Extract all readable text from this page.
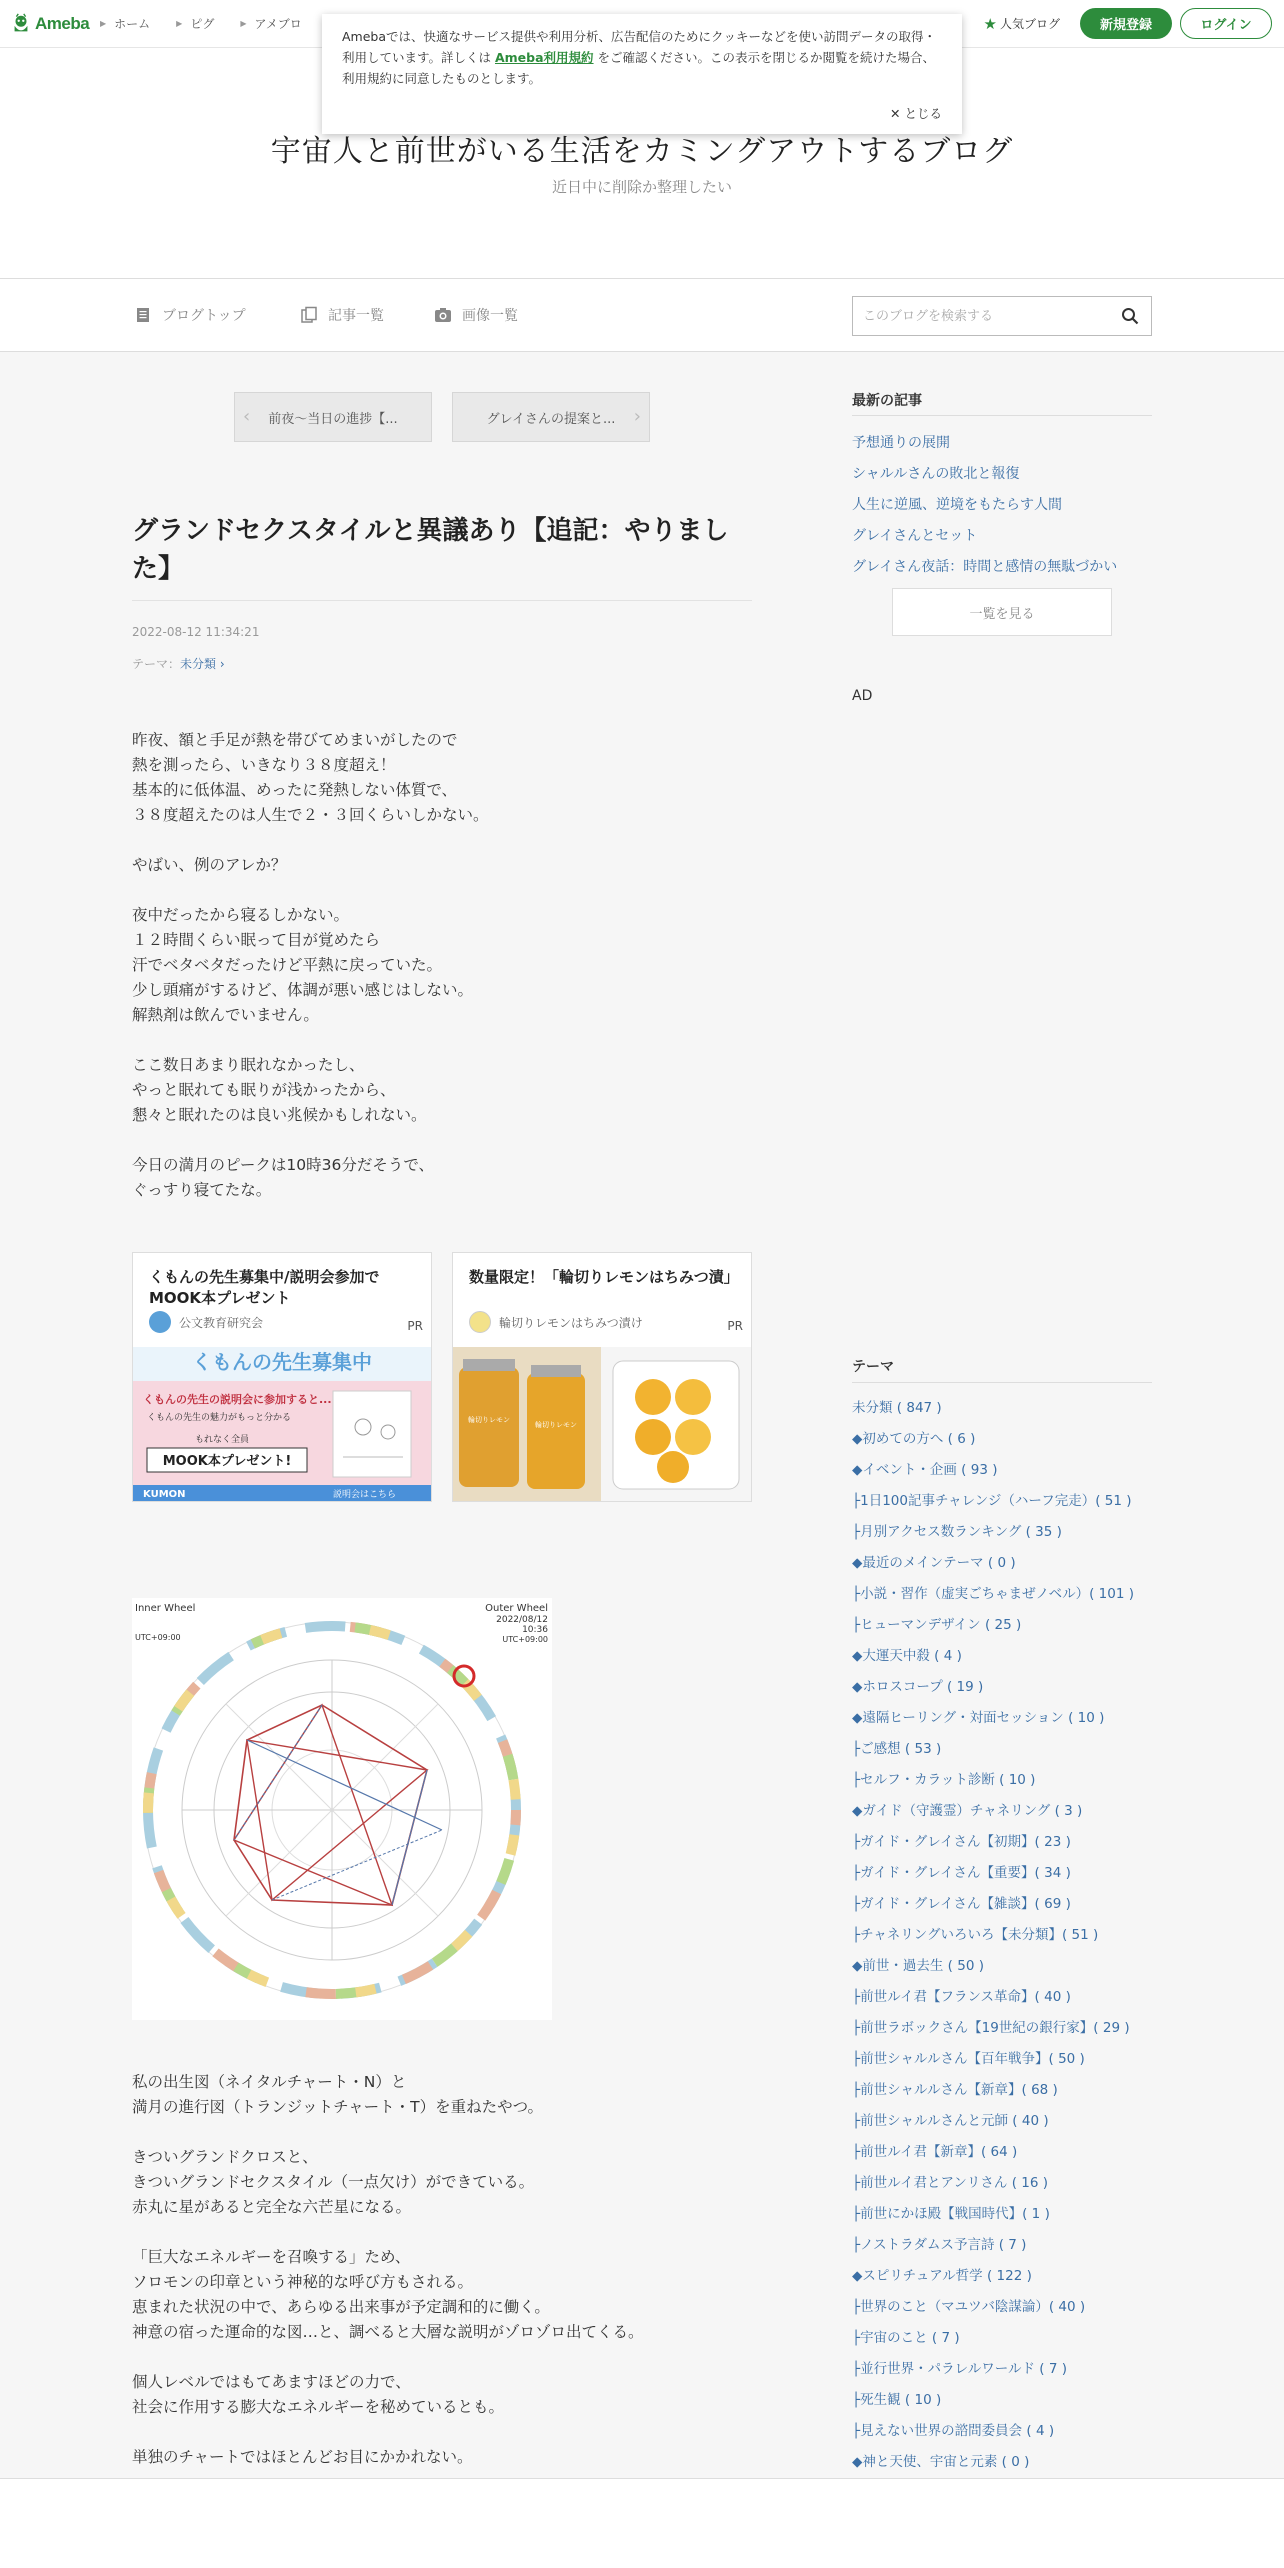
Ameba ▶ ホーム	▶ ピグ	▶ アメブロ	★ 人気ブログ	新規登録	ログイン

Amebaでは、快適なサービス提供や利用分析、広告配信のためにクッキーなどを使い訪問データの取得・利用しています。詳しくは Ameba利用規約 をご確認ください。この表示を閉じるか閲覧を続けた場合、利用規約に同意したものとします。

✕ とじる
宇宙人と前世がいる生活をカミングアウトするブログ
近日中に削除か整理したい
ブログトップ	記事一覧	画像一覧
このブログを検索する
‹ 前夜〜当日の進捗【...	グレイさんの提案と... ›
グランドセクスタイルと異議あり【追記：やりました】
2022-08-12 11:34:21
テーマ：未分類 ›
昨夜、額と手足が熱を帯びてめまいがしたので
熱を測ったら、いきなり３８度超え！
基本的に低体温、めったに発熱しない体質で、
３８度超えたのは人生で２・３回くらいしかない。

やばい、例のアレか？

夜中だったから寝るしかない。
１２時間くらい眠って目が覚めたら
汗でベタベタだったけど平熱に戻っていた。
少し頭痛がするけど、体調が悪い感じはしない。
解熱剤は飲んでいません。

ここ数日あまり眠れなかったし、
やっと眠れても眠りが浅かったから、
懇々と眠れたのは良い兆候かもしれない。

今日の満月のピークは10時36分だそうで、
ぐっすり寝てたな。
くもんの先生募集中/説明会参加でMOOK本プレゼント
公文教育研究会	PR
くもんの先生募集中
くもんの先生の説明会に参加すると...
くもんの先生の魅力がもっと分かる
もれなく全員
MOOK本プレゼント!
KUMON	説明会はこちら
数量限定！「輪切りレモンはちみつ漬」
輪切りレモンはちみつ漬け	PR
輪切りレモン
輪切りレモン
Inner Wheel
UTC+09:00
Outer Wheel
2022/08/12
10:36
UTC+09:00
私の出生図（ネイタルチャート・N）と
満月の進行図（トランジットチャート・T）を重ねたやつ。

きついグランドクロスと、
きついグランドセクスタイル（一点欠け）ができている。
赤丸に星があると完全な六芒星になる。

「巨大なエネルギーを召喚する」ため、
ソロモンの印章という神秘的な呼び方もされる。
恵まれた状況の中で、あらゆる出来事が予定調和的に働く。
神意の宿った運命的な図…と、調べると大層な説明がゾロゾロ出てくる。

個人レベルではもてあますほどの力で、
社会に作用する膨大なエネルギーを秘めているとも。

単独のチャートではほとんどお目にかかれない。
最新の記事
予想通りの展開
シャルルさんの敗北と報復
人生に逆風、逆境をもたらす人間
グレイさんとセット
グレイさん夜話：時間と感情の無駄づかい
一覧を見る
AD
テーマ
未分類 ( 847 )
◆初めての方へ ( 6 )
◆イベント・企画 ( 93 )
├1日100記事チャレンジ（ハーフ完走）( 51 )
├月別アクセス数ランキング ( 35 )
◆最近のメインテーマ ( 0 )
├小説・習作（虚実ごちゃまぜノベル）( 101 )
├ヒューマンデザイン ( 25 )
◆大運天中殺 ( 4 )
◆ホロスコープ ( 19 )
◆遠隔ヒーリング・対面セッション ( 10 )
├ご感想 ( 53 )
├セルフ・カラット診断 ( 10 )
◆ガイド（守護霊）チャネリング ( 3 )
├ガイド・グレイさん【初期】( 23 )
├ガイド・グレイさん【重要】( 34 )
├ガイド・グレイさん【雑談】( 69 )
├チャネリングいろいろ【未分類】( 51 )
◆前世・過去生 ( 50 )
├前世ルイ君【フランス革命】( 40 )
├前世ラボックさん【19世紀の銀行家】( 29 )
├前世シャルルさん【百年戦争】( 50 )
├前世シャルルさん【新章】( 68 )
├前世シャルルさんと元師 ( 40 )
├前世ルイ君【新章】( 64 )
├前世ルイ君とアンリさん ( 16 )
├前世にかほ殿【戦国時代】( 1 )
├ノストラダムス予言詩 ( 7 )
◆スピリチュアル哲学 ( 122 )
├世界のこと（マユツバ陰謀論）( 40 )
├宇宙のこと ( 7 )
├並行世界・パラレルワールド ( 7 )
├死生観 ( 10 )
├見えない世界の諮問委員会 ( 4 )
◆神と天使、宇宙と元素 ( 0 )
